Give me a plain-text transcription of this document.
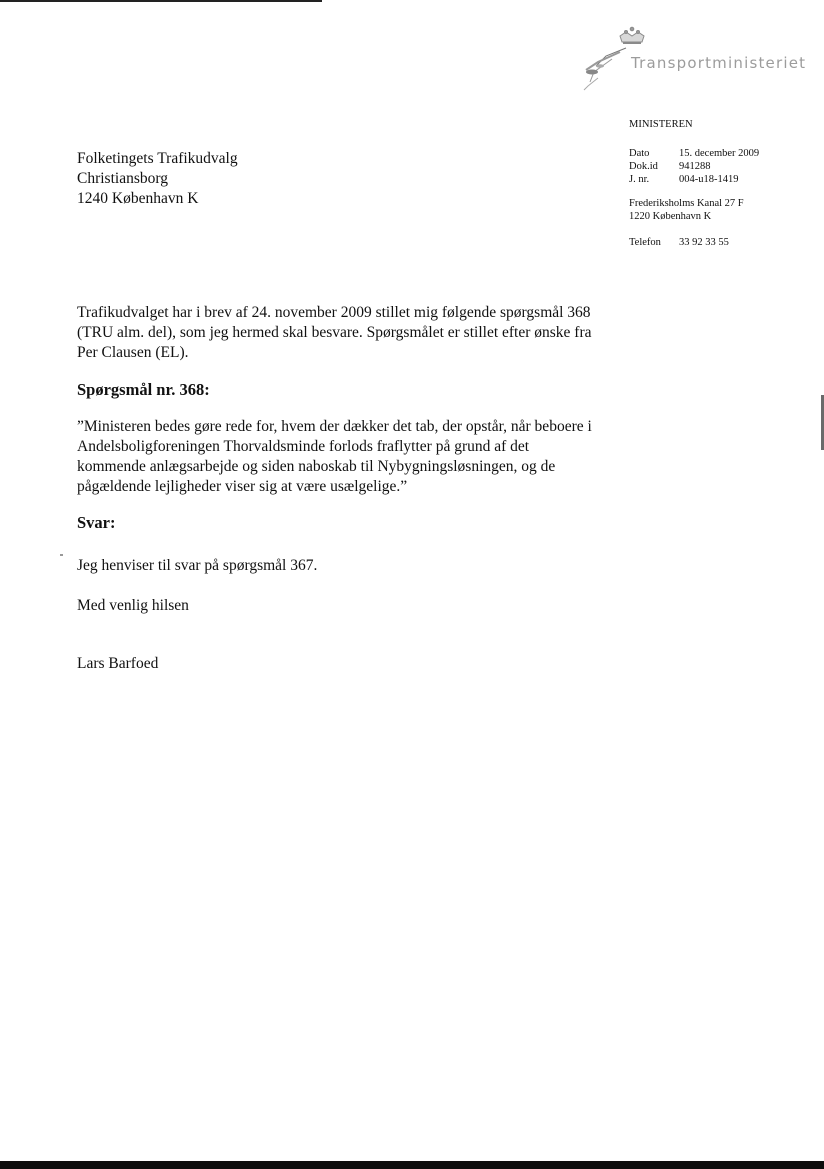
Transportministeriet
MINISTEREN
Dato	15. december 2009
Dok.id 941288
J. nr.	004-u18-1419
Frederiksholms Kanal 27 F
1220 København K
Telefon 33 92 33 55
Folketingets Trafikudvalg
Christiansborg
1240 København K
Trafikudvalget har i brev af 24. november 2009 stillet mig følgende spørgsmål 368 (TRU alm. del), som jeg hermed skal besvare. Spørgsmålet er stillet efter ønske fra Per Clausen (EL).
Spørgsmål nr. 368:
”Ministeren bedes gøre rede for, hvem der dækker det tab, der opstår, når beboere i Andelsboligforeningen Thorvaldsminde forlods fraflytter på grund af det kommende anlægsarbejde og siden naboskab til Nybygningsløsningen, og de pågældende lejligheder viser sig at være usælgelige.”
Svar:
Jeg henviser til svar på spørgsmål 367.
Med venlig hilsen
Lars Barfoed
